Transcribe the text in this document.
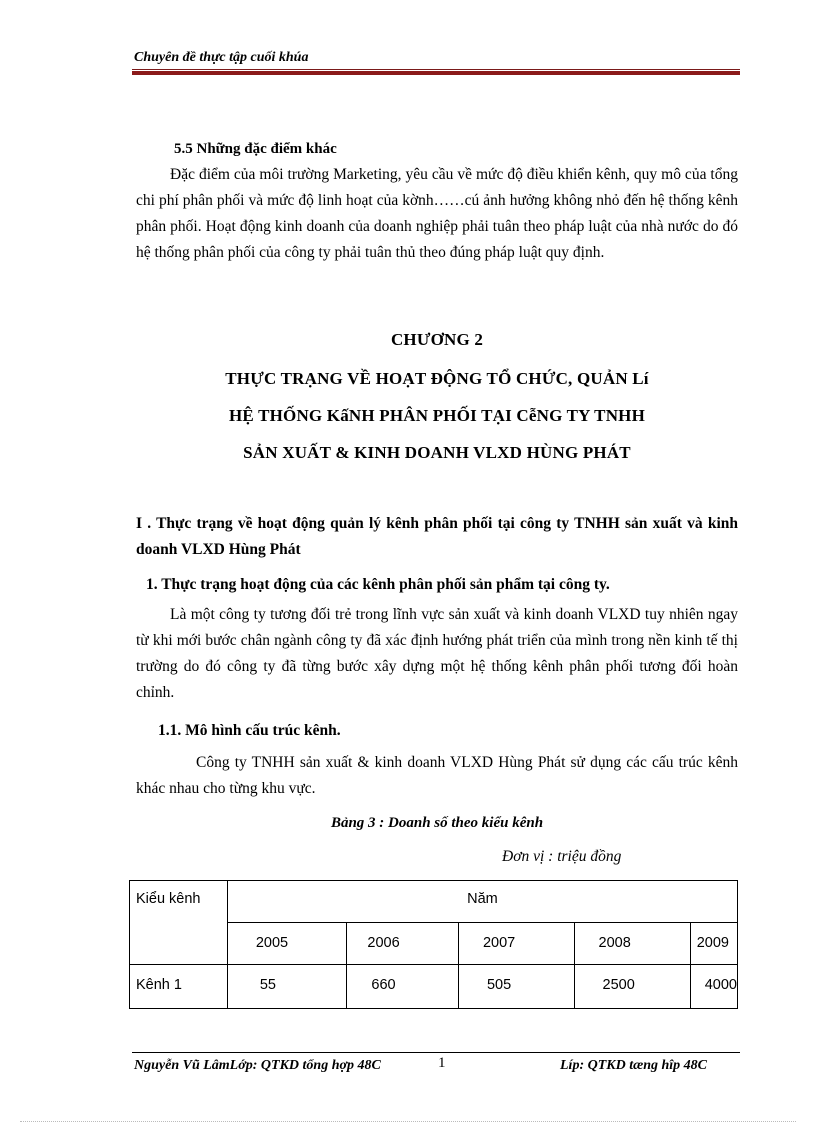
Chuyên đề thực tập cuối khúa
5.5 Những đặc điểm khác

Đặc điểm của môi trường Marketing, yêu cầu về mức độ điều khiển kênh, quy mô của tổng chi phí phân phối và mức độ linh hoạt của kờnh……cú ảnh hưởng không nhỏ đến hệ thống kênh phân phối. Hoạt động kinh doanh của doanh nghiệp phải tuân theo pháp luật của nhà nước do đó hệ thống phân phối của công ty phải tuân thủ theo đúng pháp luật quy định.

CHƯƠNG 2
THỰC TRẠNG VỀ HOẠT ĐỘNG TỔ CHỨC, QUẢN Lí
HỆ THỐNG KấNH PHÂN PHỐI TẠI CễNG TY TNHH
SẢN XUẤT & KINH DOANH VLXD HÙNG PHÁT

I . Thực trạng về hoạt động quản lý kênh phân phối tại công ty TNHH sản xuất và kinh doanh VLXD Hùng Phát

1. Thực trạng hoạt động của các kênh phân phối sản phẩm tại công ty.

Là một công ty tương đối trẻ trong lĩnh vực sản xuất và kinh doanh VLXD tuy nhiên ngay từ khi mới bước chân ngành công ty đã xác định hướng phát triển của mình trong nền kinh tế thị trường do đó công ty đã từng bước xây dựng một hệ thống kênh phân phối tương đối hoàn chỉnh.

1.1. Mô hình cấu trúc kênh.

Công ty TNHH sản xuất & kinh doanh VLXD Hùng Phát sử dụng các cấu trúc kênh khác nhau cho từng khu vực.

Bảng 3 : Doanh số theo kiểu kênh
Đơn vị : triệu đồng
Kiểu kênh	Năm				
	2005	2006	2007	2008	2009
Kênh 1	55	660	505	2500	4000
Nguyễn Vũ LâmLớp: QTKD tổng hợp 48C	1	Líp: QTKD tæng hîp 48C
